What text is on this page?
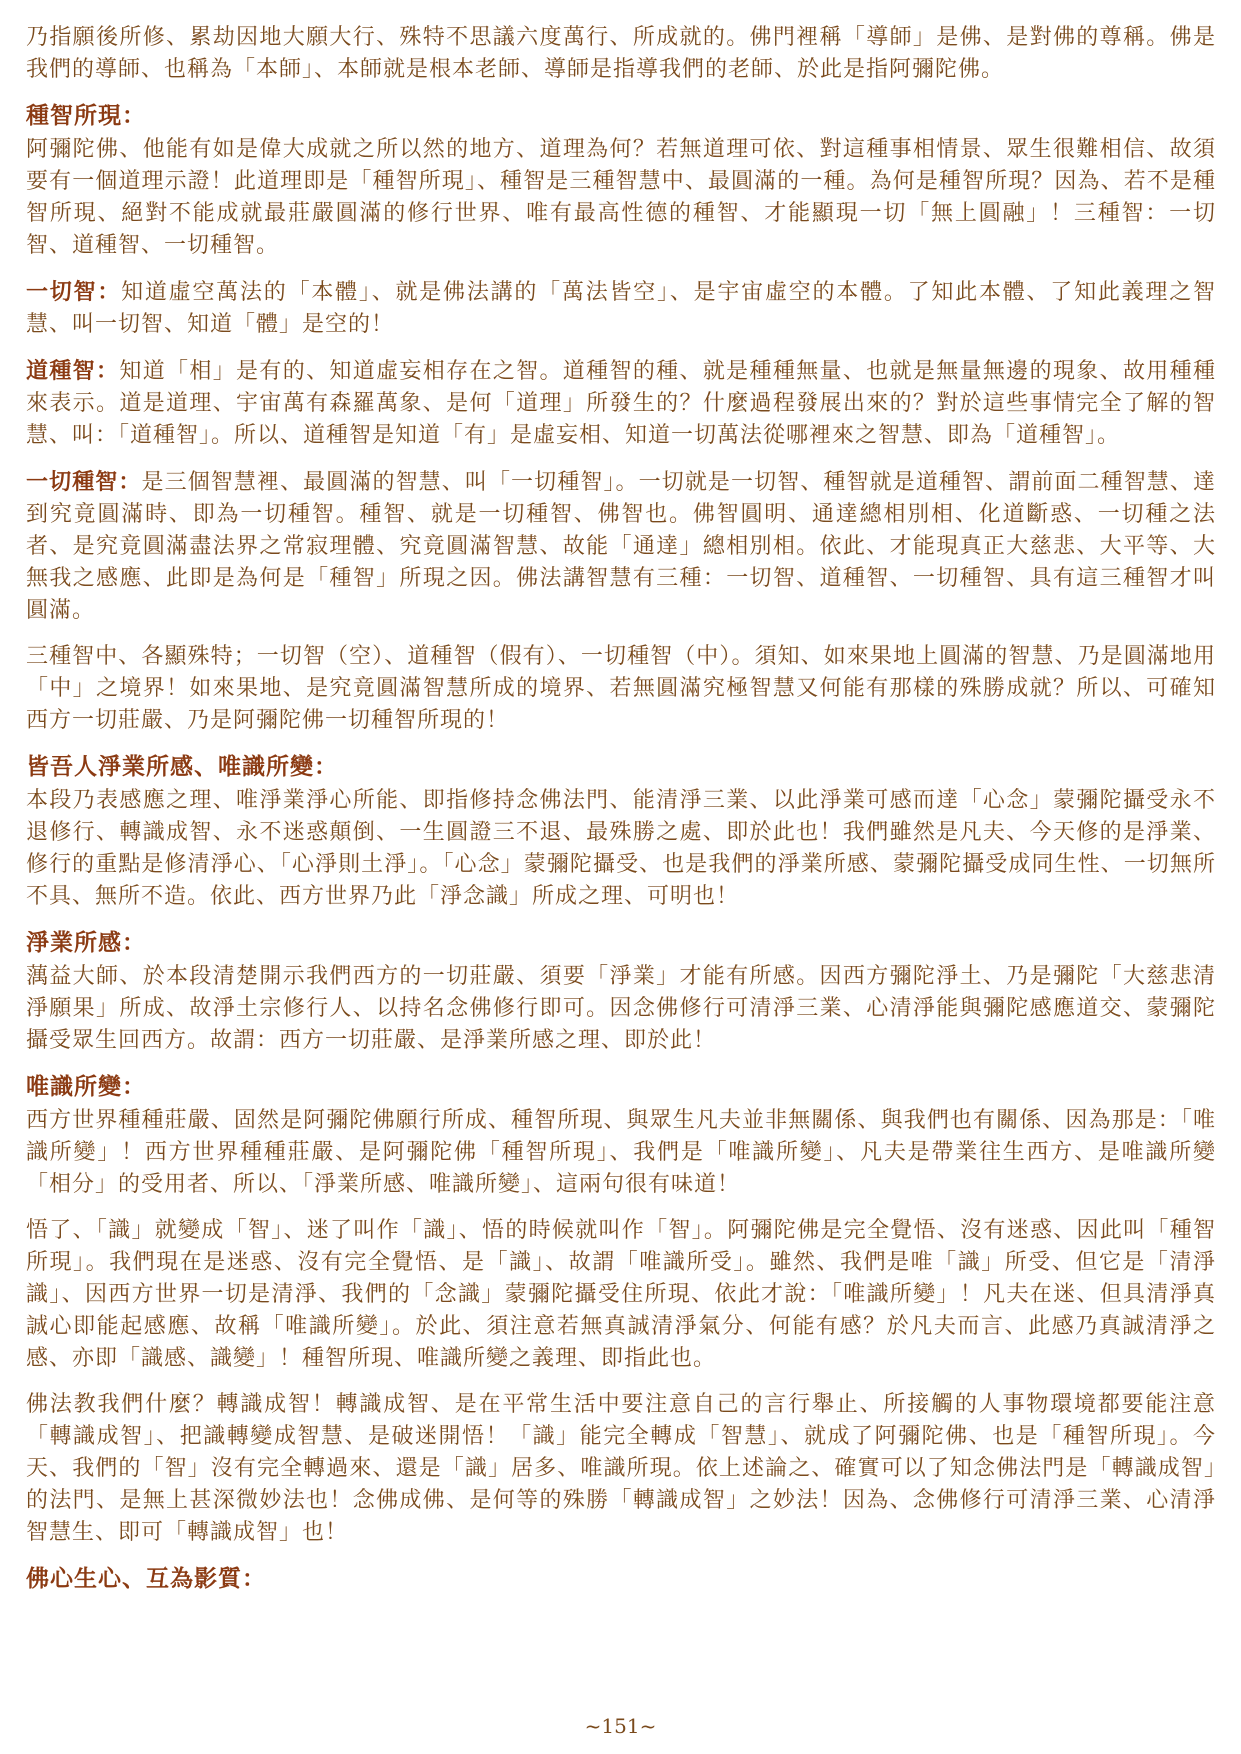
乃指願後所修、累劫因地大願大行、殊特不思議六度萬行、所成就的。佛門裡稱「導師」是佛、是對佛的尊稱。佛是我們的導師、也稱為「本師」、本師就是根本老師、導師是指導我們的老師、於此是指阿彌陀佛。

種智所現：

阿彌陀佛、他能有如是偉大成就之所以然的地方、道理為何？若無道理可依、對這種事相情景、眾生很難相信、故須要有一個道理示證！此道理即是「種智所現」、種智是三種智慧中、最圓滿的一種。為何是種智所現？因為、若不是種智所現、絕對不能成就最莊嚴圓滿的修行世界、唯有最高性德的種智、才能顯現一切「無上圓融」！三種智：一切智、道種智、一切種智。

一切智：知道虛空萬法的「本體」、就是佛法講的「萬法皆空」、是宇宙虛空的本體。了知此本體、了知此義理之智慧、叫一切智、知道「體」是空的！

道種智：知道「相」是有的、知道虛妄相存在之智。道種智的種、就是種種無量、也就是無量無邊的現象、故用種種來表示。道是道理、宇宙萬有森羅萬象、是何「道理」所發生的？什麼過程發展出來的？對於這些事情完全了解的智慧、叫：「道種智」。所以、道種智是知道「有」是虛妄相、知道一切萬法從哪裡來之智慧、即為「道種智」。

一切種智：是三個智慧裡、最圓滿的智慧、叫「一切種智」。一切就是一切智、種智就是道種智、謂前面二種智慧、達到究竟圓滿時、即為一切種智。種智、就是一切種智、佛智也。佛智圓明、通達總相別相、化道斷惑、一切種之法者、是究竟圓滿盡法界之常寂理體、究竟圓滿智慧、故能「通達」總相別相。依此、才能現真正大慈悲、大平等、大無我之感應、此即是為何是「種智」所現之因。佛法講智慧有三種：一切智、道種智、一切種智、具有這三種智才叫圓滿。

三種智中、各顯殊特；一切智（空）、道種智（假有）、一切種智（中）。須知、如來果地上圓滿的智慧、乃是圓滿地用「中」之境界！如來果地、是究竟圓滿智慧所成的境界、若無圓滿究極智慧又何能有那樣的殊勝成就？所以、可確知西方一切莊嚴、乃是阿彌陀佛一切種智所現的！

皆吾人淨業所感、唯識所變：

本段乃表感應之理、唯淨業淨心所能、即指修持念佛法門、能清淨三業、以此淨業可感而達「心念」蒙彌陀攝受永不退修行、轉識成智、永不迷惑顛倒、一生圓證三不退、最殊勝之處、即於此也！我們雖然是凡夫、今天修的是淨業、修行的重點是修清淨心、「心淨則土淨」。「心念」蒙彌陀攝受、也是我們的淨業所感、蒙彌陀攝受成同生性、一切無所不具、無所不造。依此、西方世界乃此「淨念識」所成之理、可明也！

淨業所感：

蕅益大師、於本段清楚開示我們西方的一切莊嚴、須要「淨業」才能有所感。因西方彌陀淨土、乃是彌陀「大慈悲清淨願果」所成、故淨土宗修行人、以持名念佛修行即可。因念佛修行可清淨三業、心清淨能與彌陀感應道交、蒙彌陀攝受眾生回西方。故謂：西方一切莊嚴、是淨業所感之理、即於此！

唯識所變：

西方世界種種莊嚴、固然是阿彌陀佛願行所成、種智所現、與眾生凡夫並非無關係、與我們也有關係、因為那是：「唯識所變」！西方世界種種莊嚴、是阿彌陀佛「種智所現」、我們是「唯識所變」、凡夫是帶業往生西方、是唯識所變「相分」的受用者、所以、「淨業所感、唯識所變」、這兩句很有味道！

悟了、「識」就變成「智」、迷了叫作「識」、悟的時候就叫作「智」。阿彌陀佛是完全覺悟、沒有迷惑、因此叫「種智所現」。我們現在是迷惑、沒有完全覺悟、是「識」、故謂「唯識所受」。雖然、我們是唯「識」所受、但它是「清淨識」、因西方世界一切是清淨、我們的「念識」蒙彌陀攝受住所現、依此才說：「唯識所變」！凡夫在迷、但具清淨真誠心即能起感應、故稱「唯識所變」。於此、須注意若無真誠清淨氣分、何能有感？於凡夫而言、此感乃真誠清淨之感、亦即「識感、識變」！種智所現、唯識所變之義理、即指此也。

佛法教我們什麼？轉識成智！轉識成智、是在平常生活中要注意自己的言行舉止、所接觸的人事物環境都要能注意「轉識成智」、把識轉變成智慧、是破迷開悟！「識」能完全轉成「智慧」、就成了阿彌陀佛、也是「種智所現」。今天、我們的「智」沒有完全轉過來、還是「識」居多、唯識所現。依上述論之、確實可以了知念佛法門是「轉識成智」的法門、是無上甚深微妙法也！念佛成佛、是何等的殊勝「轉識成智」之妙法！因為、念佛修行可清淨三業、心清淨智慧生、即可「轉識成智」也！

佛心生心、互為影質：
~151~
